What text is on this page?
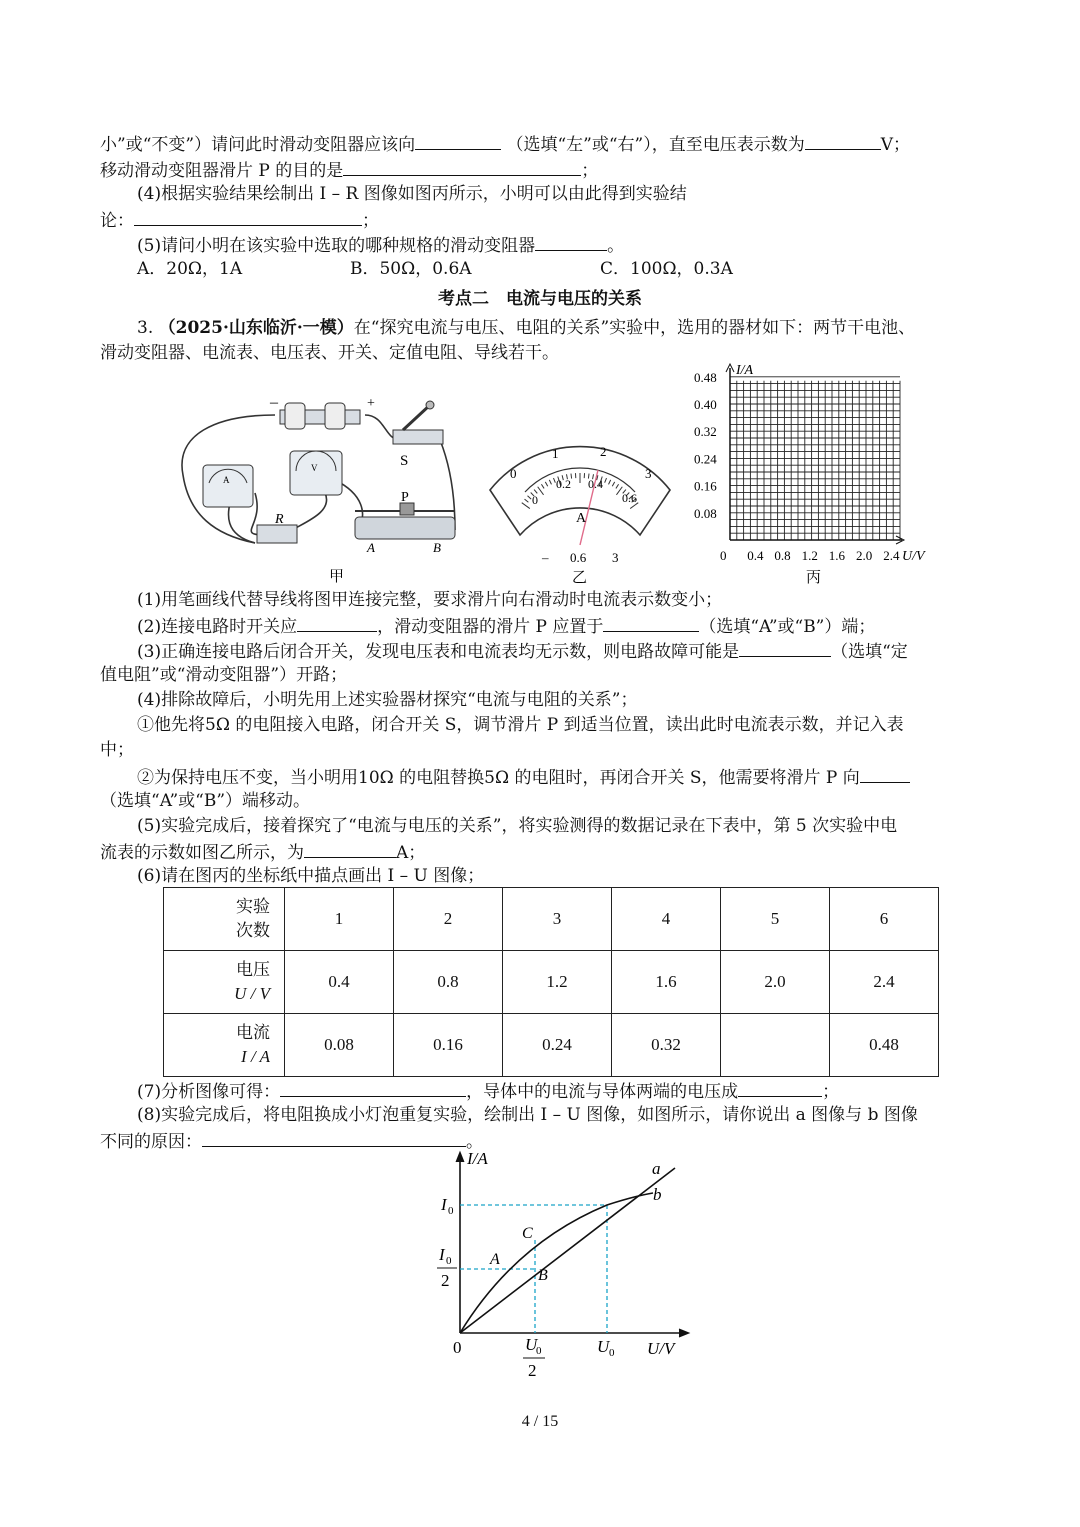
小”或“不变”）请问此时滑动变阻器应该向	（选填“左”或“右”），直至电压表示数为	V；
移动滑动变阻器滑片 P 的目的是	；
(4)根据实验结果绘制出 I – R 图像如图丙所示，小明可以由此得到实验结
论：	；
(5)请问小明在该实验中选取的哪种规格的滑动变阻器	。
A．20Ω，1A	B．50Ω，0.6A	C．100Ω，0.3A
考点二　电流与电压的关系
3. （2025·山东临沂·一模）在“探究电流与电压、电阻的关系”实验中，选用的器材如下：两节干电池、
滑动变阻器、电流表、电压表、开关、定值电阻、导线若干。
–	+
S
A
V
R
P
A	B
甲
0
1	2
3
0
0.2 0.4
0.6
A
– 0.6 3
乙
I/A
U/V
0.48
0.40
0.32
0.24
0.16
0.08
0 0.4 0.8 1.2 1.6 2.0 2.4
丙
(1)用笔画线代替导线将图甲连接完整，要求滑片向右滑动时电流表示数变小；
(2)连接电路时开关应	，滑动变阻器的滑片 P 应置于	（选填“A”或“B”）端；
(3)正确连接电路后闭合开关，发现电压表和电流表均无示数，则电路故障可能是	（选填“定
值电阻”或“滑动变阻器”）开路；
(4)排除故障后，小明先用上述实验器材探究“电流与电阻的关系”；
①他先将5Ω 的电阻接入电路，闭合开关 S，调节滑片 P 到适当位置，读出此时电流表示数，并记入表
中；
②为保持电压不变，当小明用10Ω 的电阻替换5Ω 的电阻时，再闭合开关 S，他需要将滑片 P 向
（选填“A”或“B”）端移动。
(5)实验完成后，接着探究了“电流与电压的关系”，将实验测得的数据记录在下表中，第 5 次实验中电
流表的示数如图乙所示，为	A；
(6)请在图丙的坐标纸中描点画出 I – U 图像；
实验
次数	1	2	3	4	5	6
电压
U / V	0.4	0.8	1.2	1.6	2.0	2.4
电流
I / A	0.08	0.16	0.24	0.32		0.48
(7)分析图像可得：	，导体中的电流与导体两端的电压成	；
(8)实验完成后，将电阻换成小灯泡重复实验，绘制出 I – U 图像，如图所示，请你说出 a 图像与 b 图像
不同的原因：	。
I/A
U/V
0
a
b
A
B
C
I 0
I 0
2
U
0
2
U 0
4 / 15
